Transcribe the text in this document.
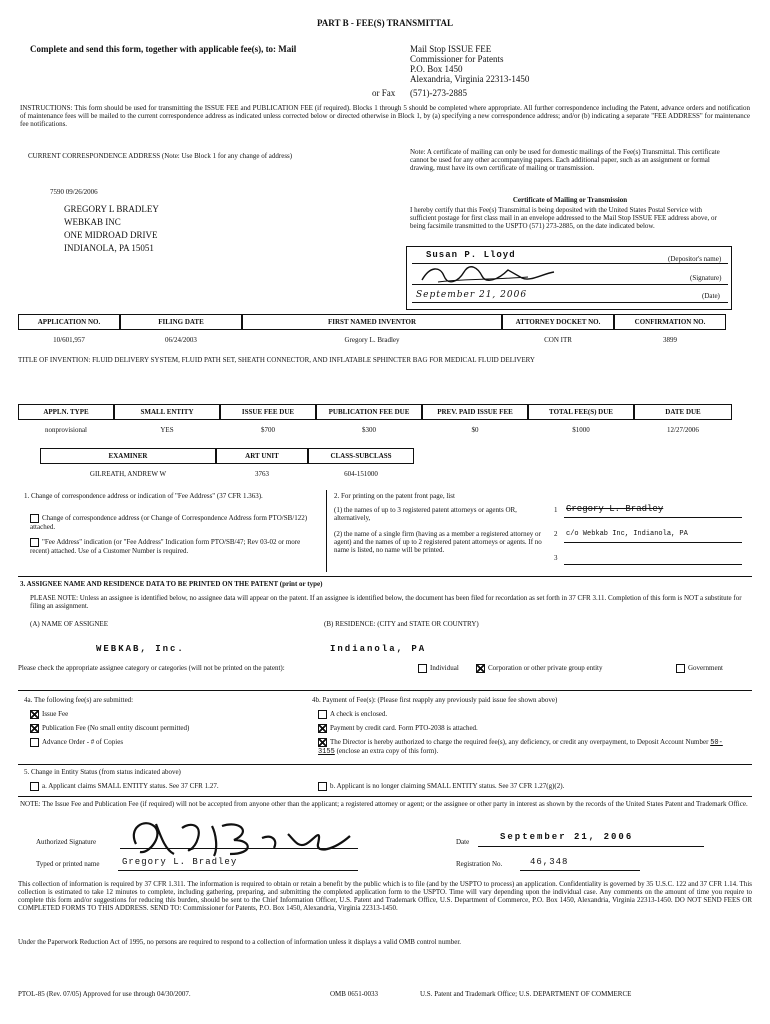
PART B - FEE(S) TRANSMITTAL
Complete and send this form, together with applicable fee(s), to: Mail	Mail Stop ISSUE FEE
Commissioner for Patents
P.O. Box 1450
Alexandria, Virginia 22313-1450
or Fax (571)-273-2885
INSTRUCTIONS: This form should be used for transmitting the ISSUE FEE and PUBLICATION FEE (if required). Blocks 1 through 5 should be completed where appropriate. All further correspondence including the Patent, advance orders and notification of maintenance fees will be mailed to the current correspondence address as indicated unless corrected below or directed otherwise in Block 1, by (a) specifying a new correspondence address; and/or (b) indicating a separate "FEE ADDRESS" for maintenance fee notifications.
CURRENT CORRESPONDENCE ADDRESS (Note: Use Block 1 for any change of address)
7590 09/26/2006
GREGORY L BRADLEY
WEBKAB INC
ONE MIDROAD DRIVE
INDIANOLA, PA 15051
Note: A certificate of mailing can only be used for domestic mailings of the Fee(s) Transmittal. This certificate cannot be used for any other accompanying papers. Each additional paper, such as an assignment or formal drawing, must have its own certificate of mailing or transmission.
Certificate of Mailing or Transmission
I hereby certify that this Fee(s) Transmittal is being deposited with the United States Postal Service with sufficient postage for first class mail in an envelope addressed to the Mail Stop ISSUE FEE address above, or being facsimile transmitted to the USPTO (571) 273-2885, on the date indicated below.
Susan P. Lloyd	(Depositor's name)
(Signature)
September 21, 2006	(Date)
APPLICATION NO.	FILING DATE	FIRST NAMED INVENTOR	ATTORNEY DOCKET NO.	CONFIRMATION NO.
10/601,957	06/24/2003	Gregory L. Bradley	CON ITR	3899
TITLE OF INVENTION: FLUID DELIVERY SYSTEM, FLUID PATH SET, SHEATH CONNECTOR, AND INFLATABLE SPHINCTER BAG FOR MEDICAL FLUID DELIVERY
APPLN. TYPE	SMALL ENTITY	ISSUE FEE DUE	PUBLICATION FEE DUE	PREV. PAID ISSUE FEE	TOTAL FEE(S) DUE	DATE DUE
nonprovisional	YES	$700	$300	$0	$1000	12/27/2006
EXAMINER	ART UNIT	CLASS-SUBCLASS
GILREATH, ANDREW W	3763	604-151000
1. Change of correspondence address or indication of "Fee Address" (37 CFR 1.363).
Change of correspondence address (or Change of Correspondence Address form PTO/SB/122) attached.
"Fee Address" indication (or "Fee Address" Indication form PTO/SB/47; Rev 03-02 or more recent) attached. Use of a Customer Number is required.
2. For printing on the patent front page, list
(1) the names of up to 3 registered patent attorneys or agents OR, alternatively,
(2) the name of a single firm (having as a member a registered attorney or agent) and the names of up to 2 registered patent attorneys or agents. If no name is listed, no name will be printed.
1 Gregory L. Bradley
2 c/o Webkab Inc, Indianola, PA
3
3. ASSIGNEE NAME AND RESIDENCE DATA TO BE PRINTED ON THE PATENT (print or type)
PLEASE NOTE: Unless an assignee is identified below, no assignee data will appear on the patent. If an assignee is identified below, the document has been filed for recordation as set forth in 37 CFR 3.11. Completion of this form is NOT a substitute for filing an assignment.
(A) NAME OF ASSIGNEE	(B) RESIDENCE: (CITY and STATE OR COUNTRY)
WEBKAB, Inc.	Indianola, PA
Please check the appropriate assignee category or categories (will not be printed on the patent):	Individual	Corporation or other private group entity	Government
4a. The following fee(s) are submitted:
Issue Fee
Publication Fee (No small entity discount permitted)
Advance Order - # of Copies
4b. Payment of Fee(s): (Please first reapply any previously paid issue fee shown above)
A check is enclosed.
Payment by credit card. Form PTO-2038 is attached.
The Director is hereby authorized to charge the required fee(s), any deficiency, or credit any overpayment, to Deposit Account Number 50-3155 (enclose an extra copy of this form).
5. Change in Entity Status (from status indicated above)
a. Applicant claims SMALL ENTITY status. See 37 CFR 1.27.	b. Applicant is no longer claiming SMALL ENTITY status. See 37 CFR 1.27(g)(2).
NOTE: The Issue Fee and Publication Fee (if required) will not be accepted from anyone other than the applicant; a registered attorney or agent; or the assignee or other party in interest as shown by the records of the United States Patent and Trademark Office.
Authorized Signature	Date	September 21, 2006
Typed or printed name	Gregory L. Bradley	Registration No.	46,348
This collection of information is required by 37 CFR 1.311. The information is required to obtain or retain a benefit by the public which is to file (and by the USPTO to process) an application. Confidentiality is governed by 35 U.S.C. 122 and 37 CFR 1.14. This collection is estimated to take 12 minutes to complete, including gathering, preparing, and submitting the completed application form to the USPTO. Time will vary depending upon the individual case. Any comments on the amount of time you require to complete this form and/or suggestions for reducing this burden, should be sent to the Chief Information Officer, U.S. Patent and Trademark Office, U.S. Department of Commerce, P.O. Box 1450, Alexandria, Virginia 22313-1450. DO NOT SEND FEES OR COMPLETED FORMS TO THIS ADDRESS. SEND TO: Commissioner for Patents, P.O. Box 1450, Alexandria, Virginia 22313-1450.
Under the Paperwork Reduction Act of 1995, no persons are required to respond to a collection of information unless it displays a valid OMB control number.
PTOL-85 (Rev. 07/05) Approved for use through 04/30/2007.	OMB 0651-0033	U.S. Patent and Trademark Office; U.S. DEPARTMENT OF COMMERCE
